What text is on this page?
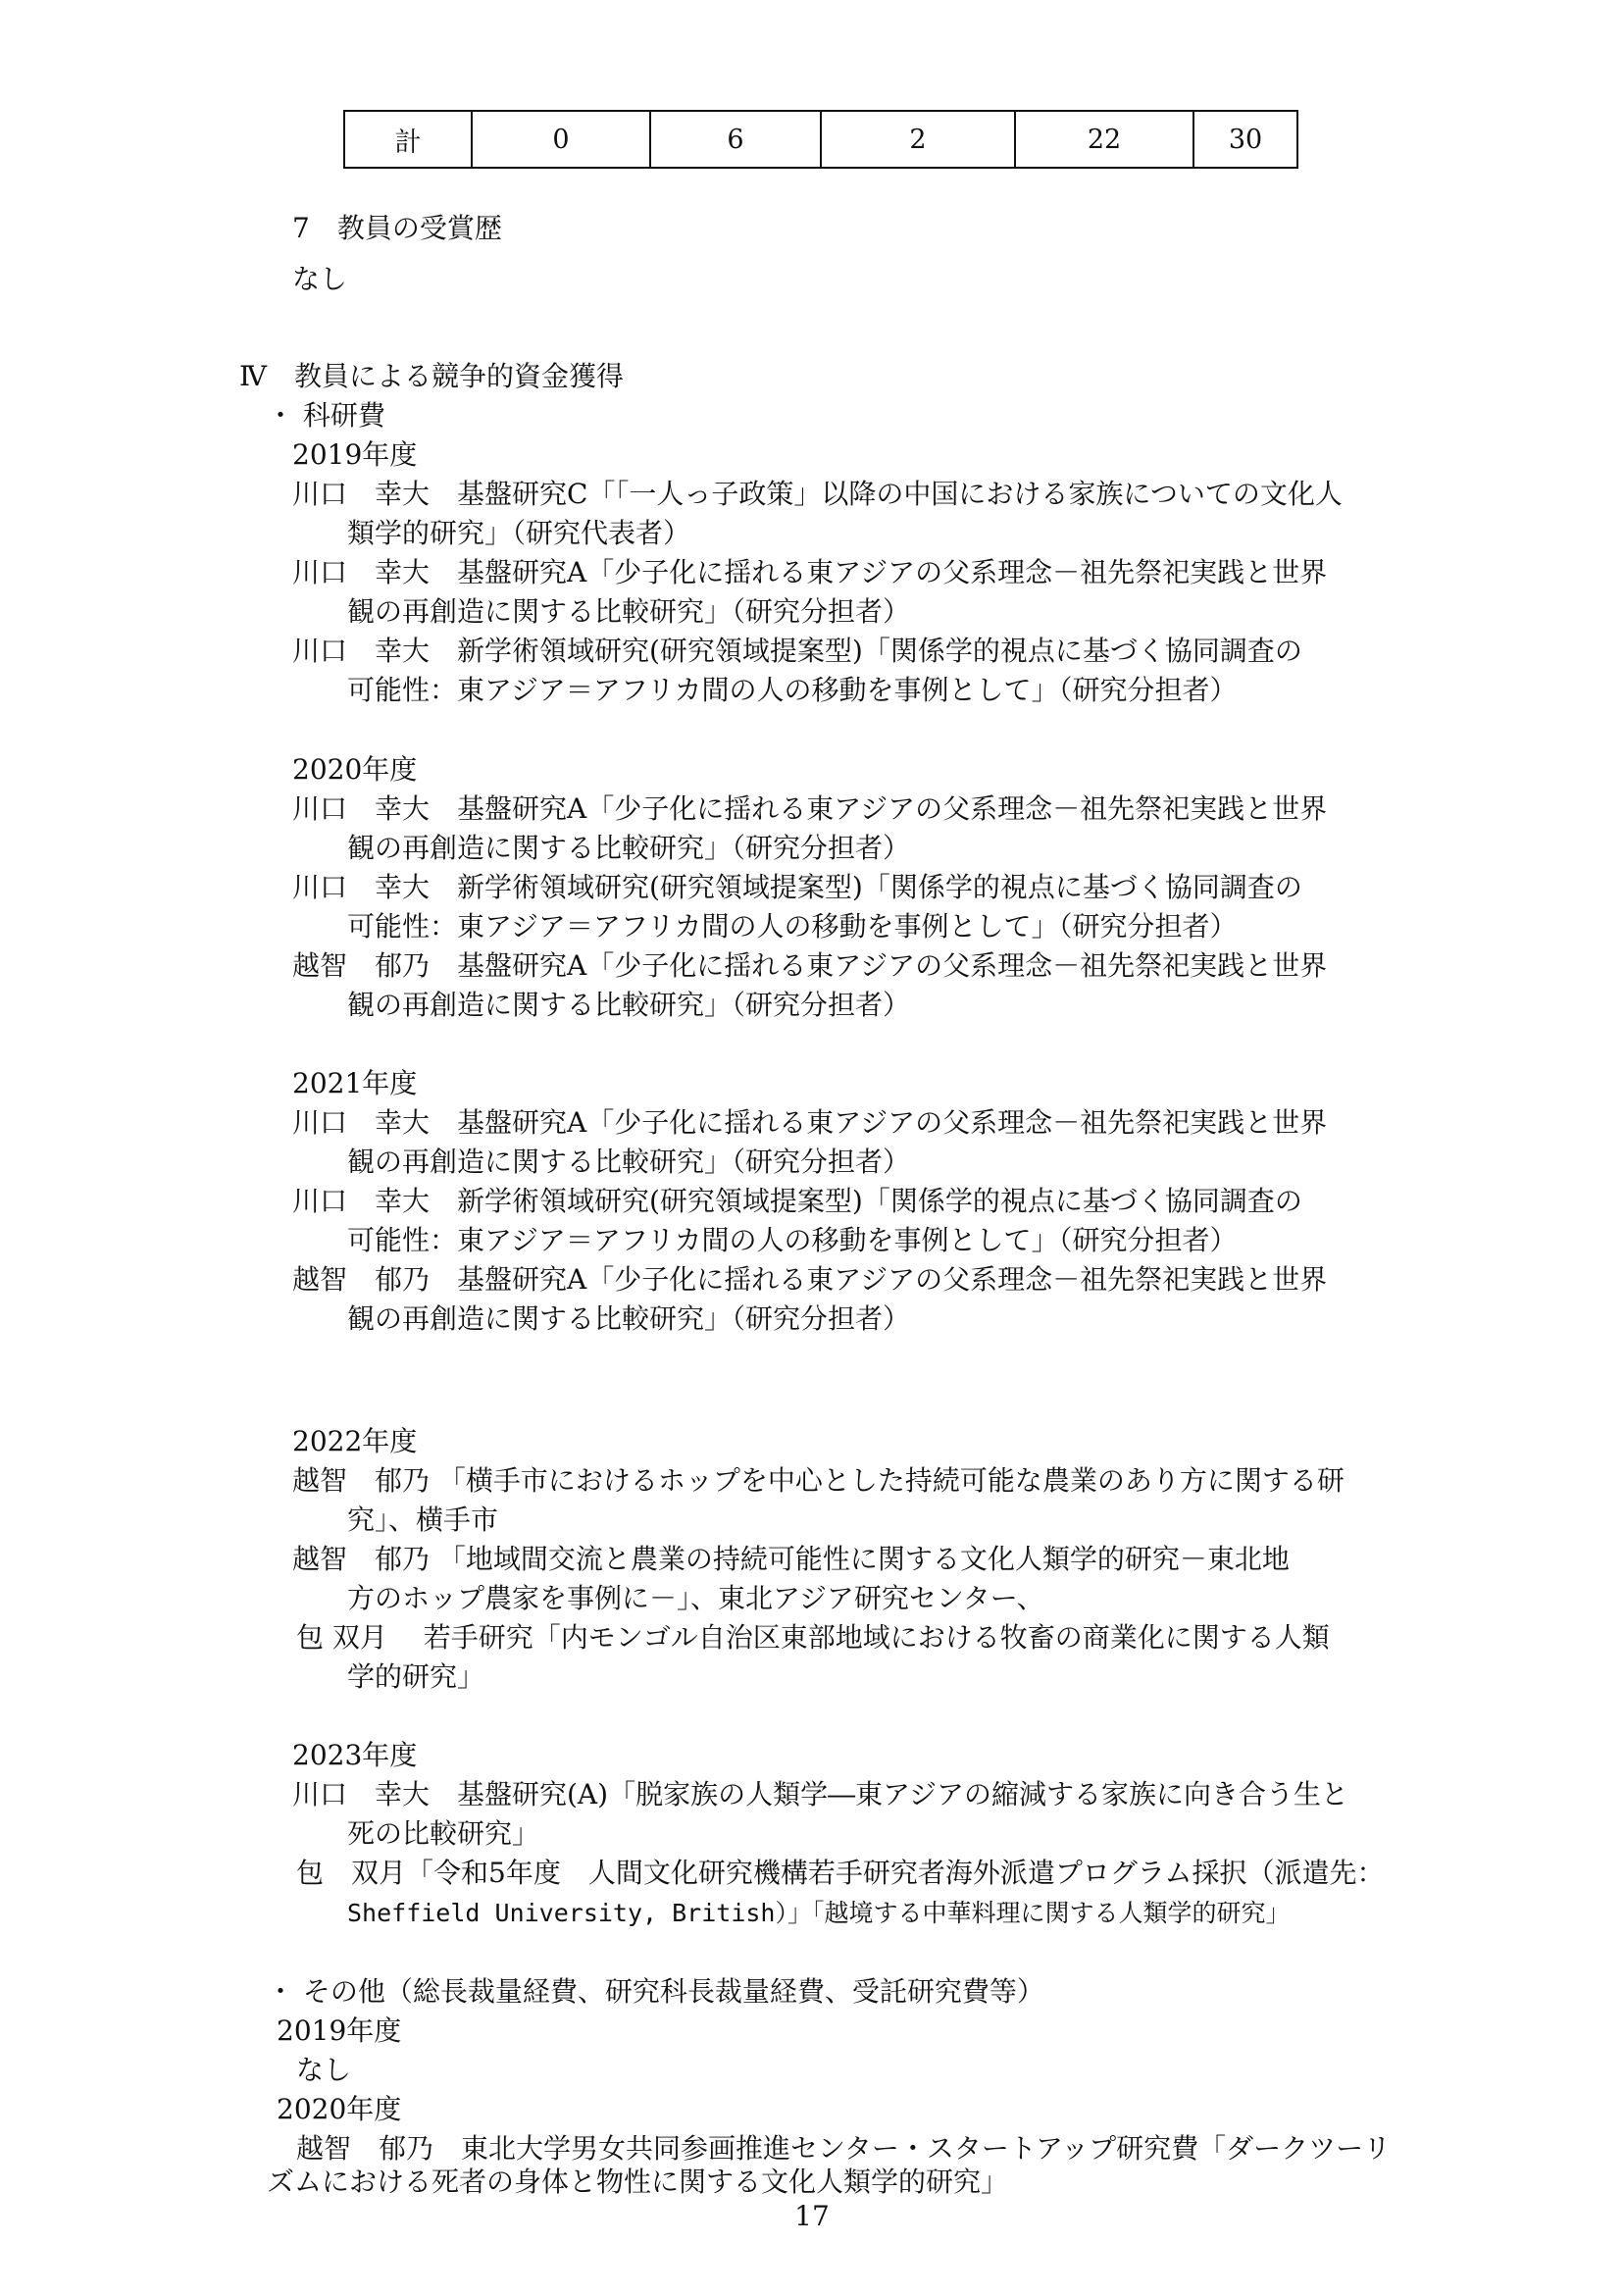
計	0	6	2	22	30
7　教員の受賞歴
なし
Ⅳ　教員による競争的資金獲得
・ 科研費
2019年度
川口　幸大　基盤研究C「「一人っ子政策」以降の中国における家族についての文化人
類学的研究」（研究代表者）
川口　幸大　基盤研究A「少子化に揺れる東アジアの父系理念－祖先祭祀実践と世界
観の再創造に関する比較研究」（研究分担者）
川口　幸大　新学術領域研究(研究領域提案型)「関係学的視点に基づく協同調査の
可能性：東アジア＝アフリカ間の人の移動を事例として」（研究分担者）
2020年度
川口　幸大　基盤研究A「少子化に揺れる東アジアの父系理念－祖先祭祀実践と世界
観の再創造に関する比較研究」（研究分担者）
川口　幸大　新学術領域研究(研究領域提案型)「関係学的視点に基づく協同調査の
可能性：東アジア＝アフリカ間の人の移動を事例として」（研究分担者）
越智　郁乃　基盤研究A「少子化に揺れる東アジアの父系理念－祖先祭祀実践と世界
観の再創造に関する比較研究」（研究分担者）
2021年度
川口　幸大　基盤研究A「少子化に揺れる東アジアの父系理念－祖先祭祀実践と世界
観の再創造に関する比較研究」（研究分担者）
川口　幸大　新学術領域研究(研究領域提案型)「関係学的視点に基づく協同調査の
可能性：東アジア＝アフリカ間の人の移動を事例として」（研究分担者）
越智　郁乃　基盤研究A「少子化に揺れる東アジアの父系理念－祖先祭祀実践と世界
観の再創造に関する比較研究」（研究分担者）
2022年度
越智　郁乃 「横手市におけるホップを中心とした持続可能な農業のあり方に関する研
究」、横手市
越智　郁乃 「地域間交流と農業の持続可能性に関する文化人類学的研究－東北地
方のホップ農家を事例に－」、東北アジア研究センター、
包 双月　 若手研究「内モンゴル自治区東部地域における牧畜の商業化に関する人類
学的研究」
2023年度
川口　幸大　基盤研究(A)「脱家族の人類学―東アジアの縮減する家族に向き合う生と
死の比較研究」
包　双月「令和5年度　人間文化研究機構若手研究者海外派遣プログラム採択（派遣先：
Sheffield University, British）」「越境する中華料理に関する人類学的研究」
・ その他（総長裁量経費、研究科長裁量経費、受託研究費等）
2019年度
なし
2020年度
越智　郁乃　東北大学男女共同参画推進センター・スタートアップ研究費「ダークツーリ
ズムにおける死者の身体と物性に関する文化人類学的研究」
17
